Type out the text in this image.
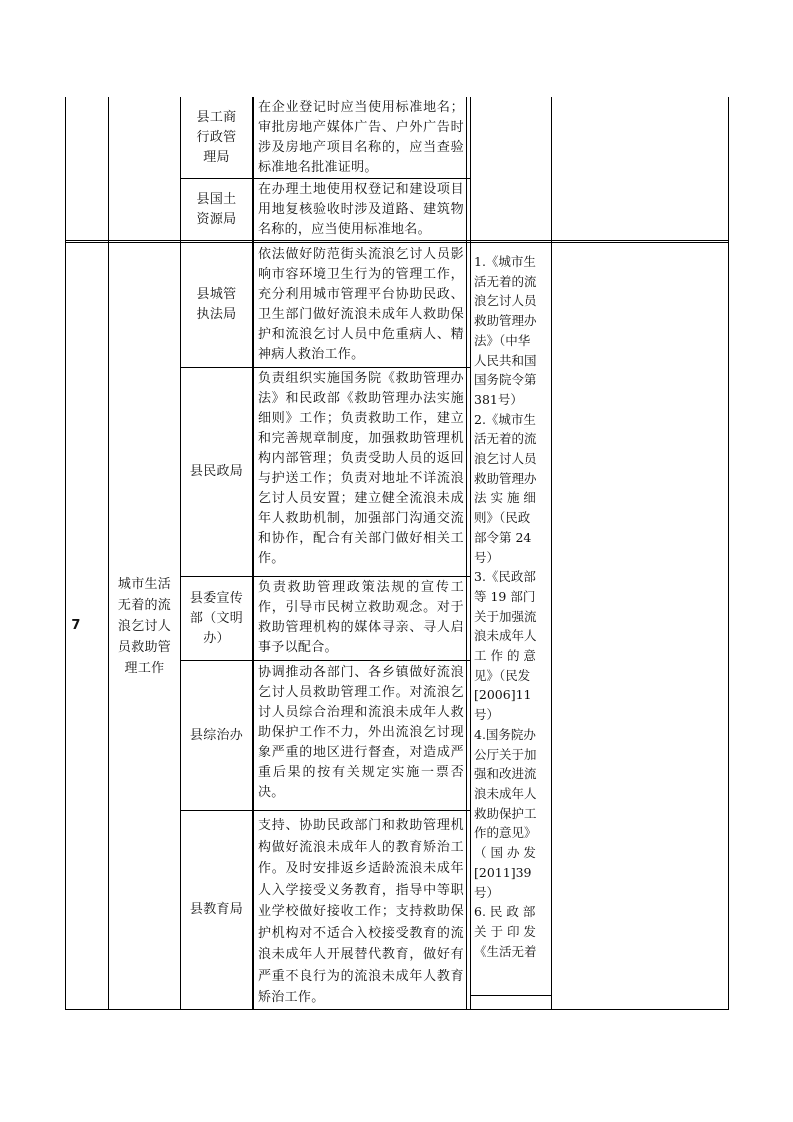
县工商
行政管
理局
在企业登记时应当使用标准地名；审批房地产媒体广告、户外广告时涉及房地产项目名称的，应当查验标准地名批准证明。
县国土
资源局
在办理土地使用权登记和建设项目用地复核验收时涉及道路、建筑物名称的，应当使用标准地名。
7
城市生活
无着的流
浪乞讨人
员救助管
理工作
1.《城市生
活无着的流
浪乞讨人员
救助管理办
法》（中华
人民共和国
国务院令第
381号）
2.《城市生
活无着的流
浪乞讨人员
救助管理办
法 实 施 细
则》（民政
部令第 24
号）
3.《民政部
等 19 部门
关于加强流
浪未成年人
工 作 的 意
见》（民发
[2006]11
号）
4.国务院办
公厅关于加
强和改进流
浪未成年人
救助保护工
作的意见》
（ 国 办 发
[2011]39
号）
6. 民 政 部
关 于 印 发
《生活无着
县城管
执法局
依法做好防范街头流浪乞讨人员影响市容环境卫生行为的管理工作，充分利用城市管理平台协助民政、卫生部门做好流浪未成年人救助保护和流浪乞讨人员中危重病人、精神病人救治工作。
县民政局
负责组织实施国务院《救助管理办法》和民政部《救助管理办法实施细则》工作；负责救助工作，建立和完善规章制度，加强救助管理机构内部管理；负责受助人员的返回与护送工作；负责对地址不详流浪乞讨人员安置；建立健全流浪未成年人救助机制，加强部门沟通交流和协作，配合有关部门做好相关工作。
县委宣传
部（文明
办）
负责救助管理政策法规的宣传工作，引导市民树立救助观念。对于救助管理机构的媒体寻亲、寻人启事予以配合。
县综治办
协调推动各部门、各乡镇做好流浪乞讨人员救助管理工作。对流浪乞讨人员综合治理和流浪未成年人救助保护工作不力，外出流浪乞讨现象严重的地区进行督查，对造成严重后果的按有关规定实施一票否决。
县教育局
支持、协助民政部门和救助管理机构做好流浪未成年人的教育矫治工作。及时安排返乡适龄流浪未成年人入学接受义务教育，指导中等职业学校做好接收工作；支持救助保护机构对不适合入校接受教育的流浪未成年人开展替代教育，做好有严重不良行为的流浪未成年人教育矫治工作。
